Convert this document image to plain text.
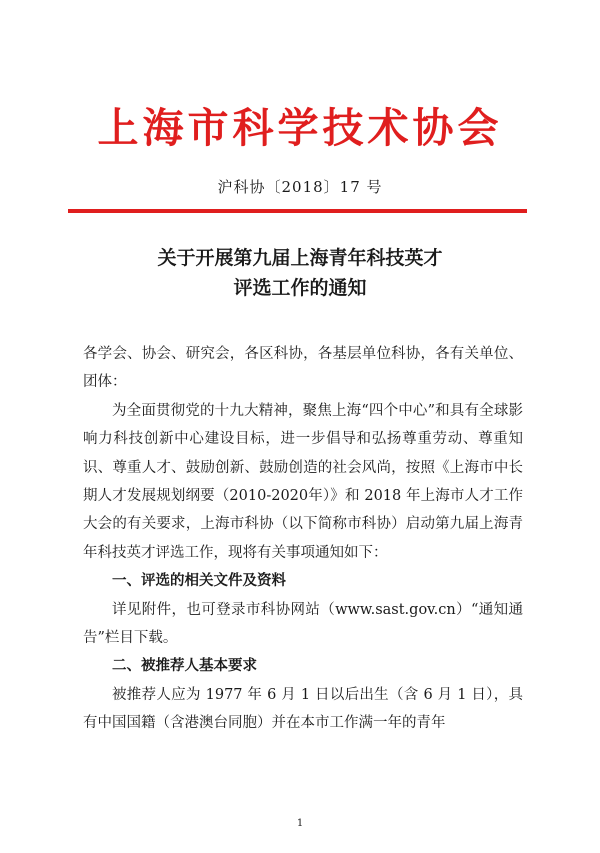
上海市科学技术协会
沪科协〔2018〕17 号
关于开展第九届上海青年科技英才
评选工作的通知

各学会、协会、研究会，各区科协，各基层单位科协，各有关单位、团体：

为全面贯彻党的十九大精神，聚焦上海“四个中心”和具有全球影响力科技创新中心建设目标，进一步倡导和弘扬尊重劳动、尊重知识、尊重人才、鼓励创新、鼓励创造的社会风尚，按照《上海市中长期人才发展规划纲要（2010-2020年）》和 2018 年上海市人才工作大会的有关要求，上海市科协（以下简称市科协）启动第九届上海青年科技英才评选工作，现将有关事项通知如下：

一、评选的相关文件及资料

详见附件，也可登录市科协网站（www.sast.gov.cn）“通知通告”栏目下载。

二、被推荐人基本要求

被推荐人应为 1977 年 6 月 1 日以后出生（含 6 月 1 日），具有中国国籍（含港澳台同胞）并在本市工作满一年的青年

1
